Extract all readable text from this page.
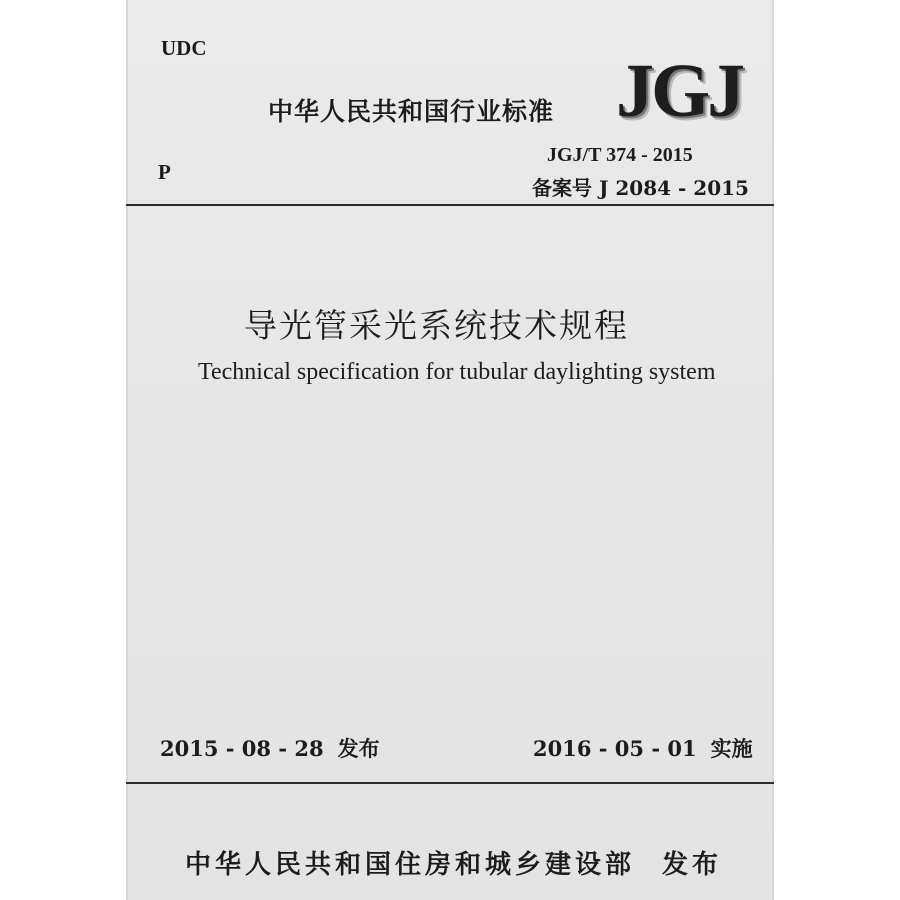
UDC
中华人民共和国行业标准 JGJ
P
JGJ/T 374 - 2015
备案号 J 2084 - 2015
导光管采光系统技术规程
Technical specification for tubular daylighting system
2015 - 08 - 28 发布	2016 - 05 - 01 实施
中华人民共和国住房和城乡建设部 发布
